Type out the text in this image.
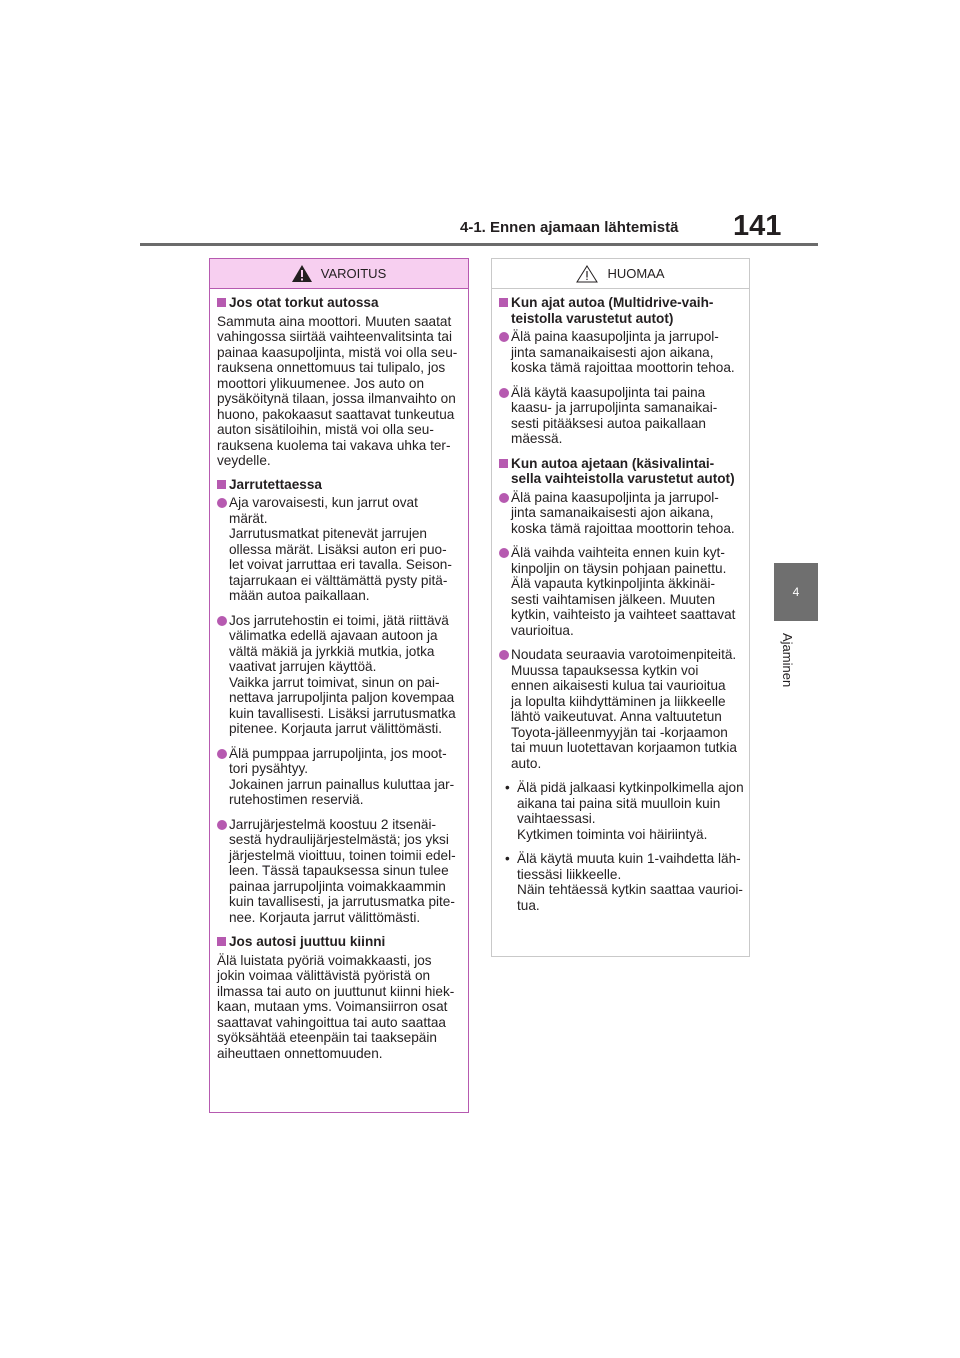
4-1. Ennen ajamaan lähtemistä 141
4
Ajaminen
VAROITUS
Jos otat torkut autossa
Sammuta aina moottori. Muuten saatat
vahingossa siirtää vaihteenvalitsinta tai
painaa kaasupoljinta, mistä voi olla seu-
rauksena onnettomuus tai tulipalo, jos
moottori ylikuumenee. Jos auto on
pysäköitynä tilaan, jossa ilmanvaihto on
huono, pakokaasut saattavat tunkeutua
auton sisätiloihin, mistä voi olla seu-
rauksena kuolema tai vakava uhka ter-
veydelle.
Jarrutettaessa
Aja varovaisesti, kun jarrut ovat
märät.
Jarrutusmatkat pitenevät jarrujen
ollessa märät. Lisäksi auton eri puo-
let voivat jarruttaa eri tavalla. Seison-
tajarrukaan ei välttämättä pysty pitä-
mään autoa paikallaan.
Jos jarrutehostin ei toimi, jätä riittävä
välimatka edellä ajavaan autoon ja
vältä mäkiä ja jyrkkiä mutkia, jotka
vaativat jarrujen käyttöä.
Vaikka jarrut toimivat, sinun on pai-
nettava jarrupoljinta paljon kovempaa
kuin tavallisesti. Lisäksi jarrutusmatka
pitenee. Korjauta jarrut välittömästi.
Älä pumppaa jarrupoljinta, jos moot-
tori pysähtyy.
Jokainen jarrun painallus kuluttaa jar-
rutehostimen reserviä.
Jarrujärjestelmä koostuu 2 itsenäi-
sestä hydraulijärjestelmästä; jos yksi
järjestelmä vioittuu, toinen toimii edel-
leen. Tässä tapauksessa sinun tulee
painaa jarrupoljinta voimakkaammin
kuin tavallisesti, ja jarrutusmatka pite-
nee. Korjauta jarrut välittömästi.
Jos autosi juuttuu kiinni
Älä luistata pyöriä voimakkaasti, jos
jokin voimaa välittävistä pyöristä on
ilmassa tai auto on juuttunut kiinni hiek-
kaan, mutaan yms. Voimansiirron osat
saattavat vahingoittua tai auto saattaa
syöksähtää eteenpäin tai taaksepäin
aiheuttaen onnettomuuden.
HUOMAA
Kun ajat autoa (Multidrive-vaih-
teistolla varustetut autot)
Älä paina kaasupoljinta ja jarrupol-
jinta samanaikaisesti ajon aikana,
koska tämä rajoittaa moottorin tehoa.
Älä käytä kaasupoljinta tai paina
kaasu- ja jarrupoljinta samanaikai-
sesti pitääksesi autoa paikallaan
mäessä.
Kun autoa ajetaan (käsivalintai-
sella vaihteistolla varustetut autot)
Älä paina kaasupoljinta ja jarrupol-
jinta samanaikaisesti ajon aikana,
koska tämä rajoittaa moottorin tehoa.
Älä vaihda vaihteita ennen kuin kyt-
kinpoljin on täysin pohjaan painettu.
Älä vapauta kytkinpoljinta äkkinäi-
sesti vaihtamisen jälkeen. Muuten
kytkin, vaihteisto ja vaihteet saattavat
vaurioitua.
Noudata seuraavia varotoimenpiteitä.
Muussa tapauksessa kytkin voi
ennen aikaisesti kulua tai vaurioitua
ja lopulta kiihdyttäminen ja liikkeelle
lähtö vaikeutuvat. Anna valtuutetun
Toyota-jälleenmyyjän tai -korjaamon
tai muun luotettavan korjaamon tutkia
auto.
• Älä pidä jalkaasi kytkinpolkimella ajon
aikana tai paina sitä muulloin kuin
vaihtaessasi.
Kytkimen toiminta voi häiriintyä.
• Älä käytä muuta kuin 1-vaihdetta läh-
tiessäsi liikkeelle.
Näin tehtäessä kytkin saattaa vaurioi-
tua.
